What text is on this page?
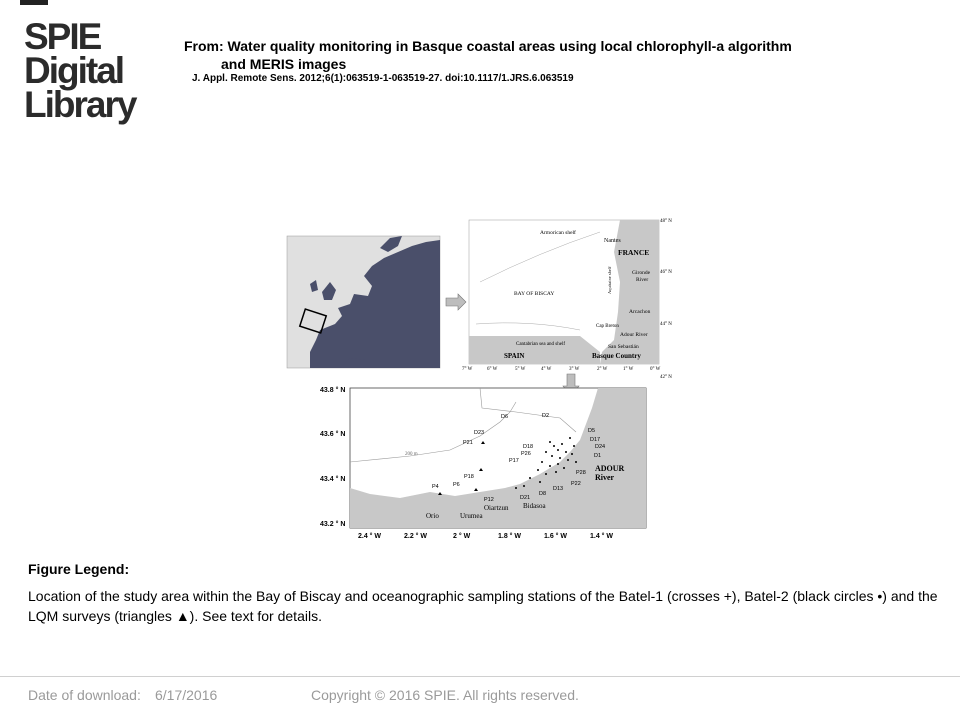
SPIE
Digital
Library
From: Water quality monitoring in Basque coastal areas using local chlorophyll-a algorithm
and MERIS images
J. Appl. Remote Sens. 2012;6(1):063519-1-063519-27. doi:10.1117/1.JRS.6.063519
Armorican shelf
Nantes
FRANCE
Gironde
River
BAY OF BISCAY	Aquitaine shelf
Arcachon
Cap Breton
Adour River
Cantabrian sea and shelf	San Sebastián
SPAIN	Basque Country
48° N
46° N
44° N
42° N
7° W	6° W	5° W	4° W	3° W	2° W	1° W	0° W
200 m
D6	D2
D23	D5
D17
D24
D1
P21
D18
P26
P17
P28
P22
D13
D8
P18
P4	P6
P12	D21
ADOUR
River
Orio	Urumea
Oiartzun Bidasoa
43.8 ° N
43.6 ° N
43.4 ° N
43.2 ° N
2.4 ° W	2.2 ° W	2 ° W	1.8 ° W	1.6 ° W	1.4 ° W
Figure Legend:
Location of the study area within the Bay of Biscay and oceanographic sampling stations of the Batel-1 (crosses +), Batel-2 (black circles •) and the LQM surveys (triangles ▲). See text for details.
Date of download: 6/17/2016	Copyright © 2016 SPIE. All rights reserved.
